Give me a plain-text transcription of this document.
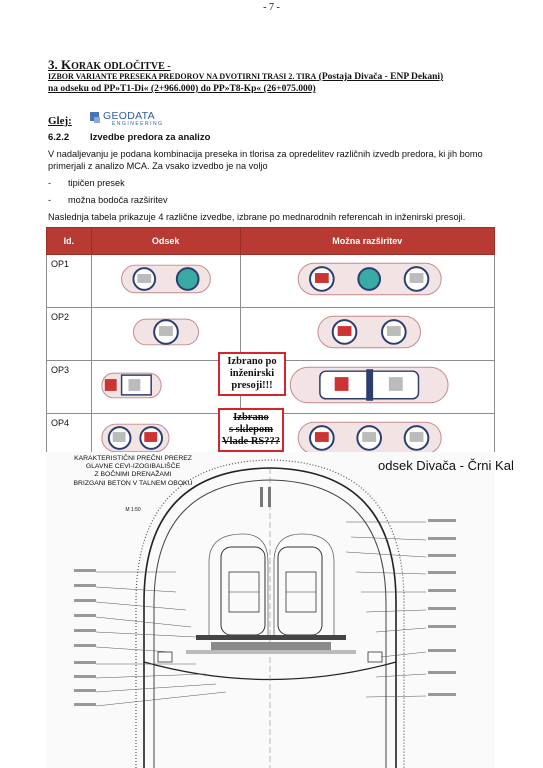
- 7 -
3. KORAK ODLOČITVE -
IZBOR VARIANTE PRESEKA PREDOROV NA DVOTIRNI TRASI 2. TIRA (Postaja Divača - ENP Dekani)
na odseku od PP»T1-Di« (2+966.000) do PP»T8-Kp« (26+075.000)
Glej:	GEODATA
ENGINEERING
6.2.2 Izvedbe predora za analizo
V nadaljevanju je podana kombinacija preseka in tlorisa za opredelitev različnih izvedb predora, ki jih bomo primerjali z analizo MCA. Za vsako izvedbo je na voljo
- tipičen presek
- možna bodoča razširitev
Naslednja tabela prikazuje 4 različne izvedbe, izbrane po mednarodnih referencah in inženirski presoji.
Id.	Odsek	Možna razširitev
OP1		
OP2		
OP3		
OP4		
Izbrano po
inženirski
presoji!!!
Izbrano
s sklepom
Vlade RS???
KARAKTERISTIČNI PREČNI PREREZ
GLAVNE CEVI-IZOGIBALIŠČE
Z BOČNIMI DRENAŽAMI
BRIZGANI BETON V TALNEM OBOKU
M 1:50
odsek Divača - Črni Kal
